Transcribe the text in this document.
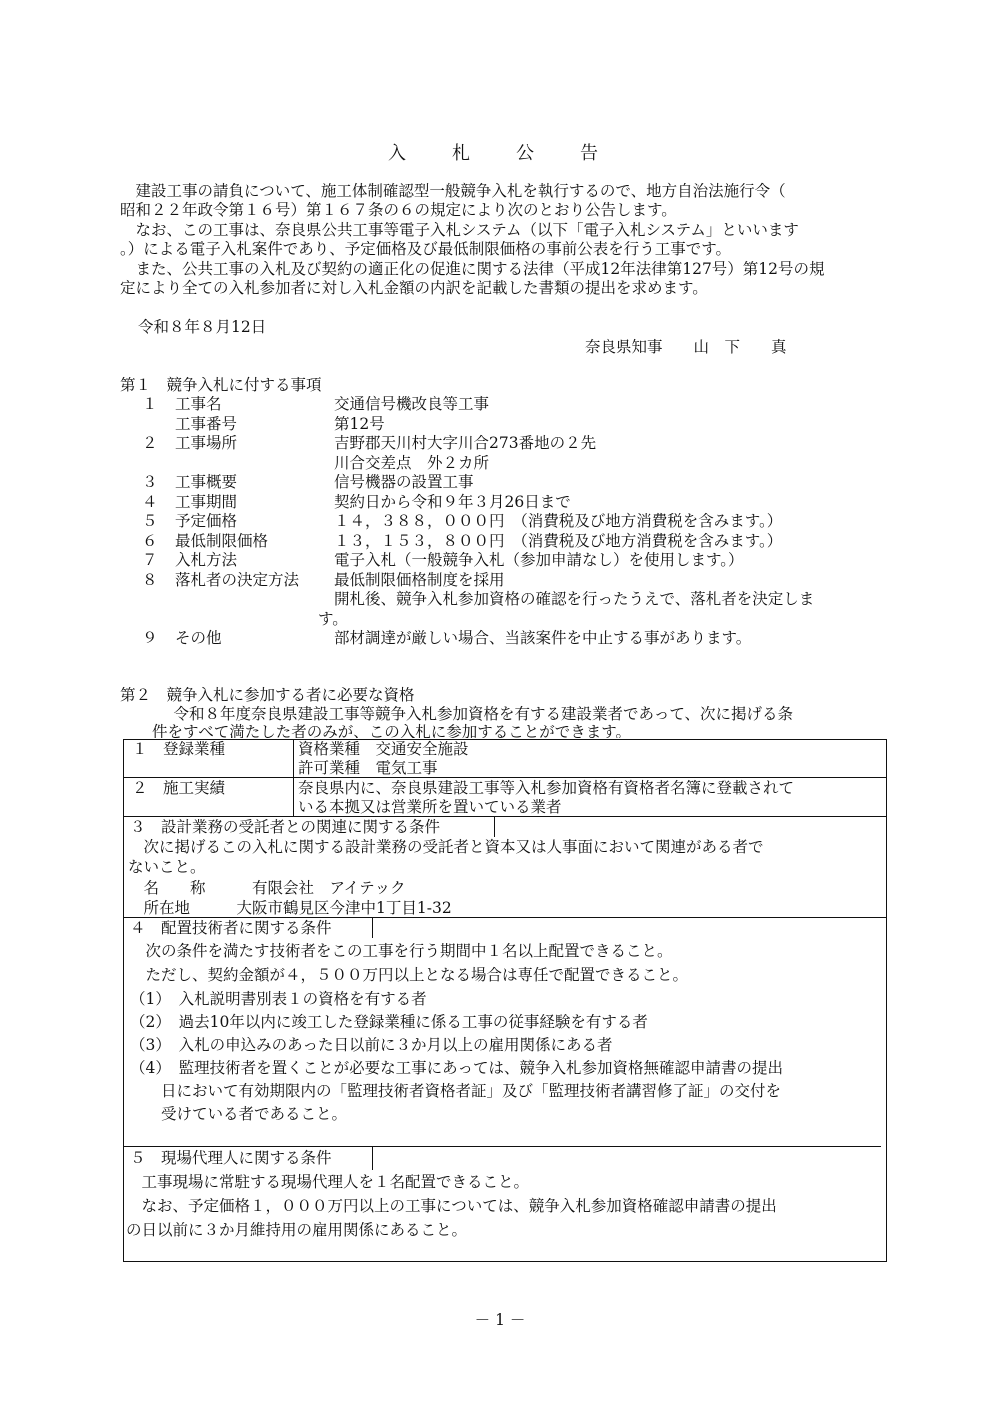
入　札　公　告
　建設工事の請負について、施工体制確認型一般競争入札を執行するので、地方自治法施行令（
昭和２２年政令第１６号）第１６７条の６の規定により次のとおり公告します。
　なお、この工事は、奈良県公共工事等電子入札システム（以下「電子入札システム」といいます
。）による電子入札案件であり、予定価格及び最低制限価格の事前公表を行う工事です。
　また、公共工事の入札及び契約の適正化の促進に関する法律（平成12年法律第127号）第12号の規
定により全ての入札参加者に対し入札金額の内訳を記載した書類の提出を求めます。
令和８年８月12日
奈良県知事　　山　下　　真
第１　競争入札に付する事項
１ 工事名	交通信号機改良等工事
工事番号	第12号
２ 工事場所	吉野郡天川村大字川合273番地の２先
川合交差点　外２カ所
３ 工事概要	信号機器の設置工事
４ 工事期間	契約日から令和９年３月26日まで
５ 予定価格	１４，３８８，０００円　（消費税及び地方消費税を含みます。）
６ 最低制限価格	１３，１５３，８００円　（消費税及び地方消費税を含みます。）
７ 入札方法	電子入札（一般競争入札（参加申請なし）を使用します。）
８ 落札者の決定方法 最低制限価格制度を採用
開札後、競争入札参加資格の確認を行ったうえで、落札者を決定しま
す。
９ その他	部材調達が厳しい場合、当該案件を中止する事があります。
第２　競争入札に参加する者に必要な資格
　令和８年度奈良県建設工事等競争入札参加資格を有する建設業者であって、次に掲げる条
件をすべて満たした者のみが、この入札に参加することができます。
１　登録業種	資格業種　交通安全施設
許可業種　電気工事
２　施工実績	奈良県内に、奈良県建設工事等入札参加資格有資格者名簿に登載されて
いる本拠又は営業所を置いている業者
３　設計業務の受託者との関連に関する条件
　次に掲げるこの入札に関する設計業務の受託者と資本又は人事面において関連がある者で
ないこと。
　名　　称　　　有限会社　アイテック
　所在地　　　大阪市鶴見区今津中1丁目1-32
４　配置技術者に関する条件
　次の条件を満たす技術者をこの工事を行う期間中１名以上配置できること。
　ただし、契約金額が４，５００万円以上となる場合は専任で配置できること。
（1）　入札説明書別表１の資格を有する者
（2）　過去10年以内に竣工した登録業種に係る工事の従事経験を有する者
（3）　入札の申込みのあった日以前に３か月以上の雇用関係にある者
（4）　監理技術者を置くことが必要な工事にあっては、競争入札参加資格無確認申請書の提出
　　日において有効期限内の「監理技術者資格者証」及び「監理技術者講習修了証」の交付を
　　受けている者であること。
５　現場代理人に関する条件
　工事現場に常駐する現場代理人を１名配置できること。
　なお、予定価格１，０００万円以上の工事については、競争入札参加資格確認申請書の提出
の日以前に３か月維持用の雇用関係にあること。
－ 1 －
